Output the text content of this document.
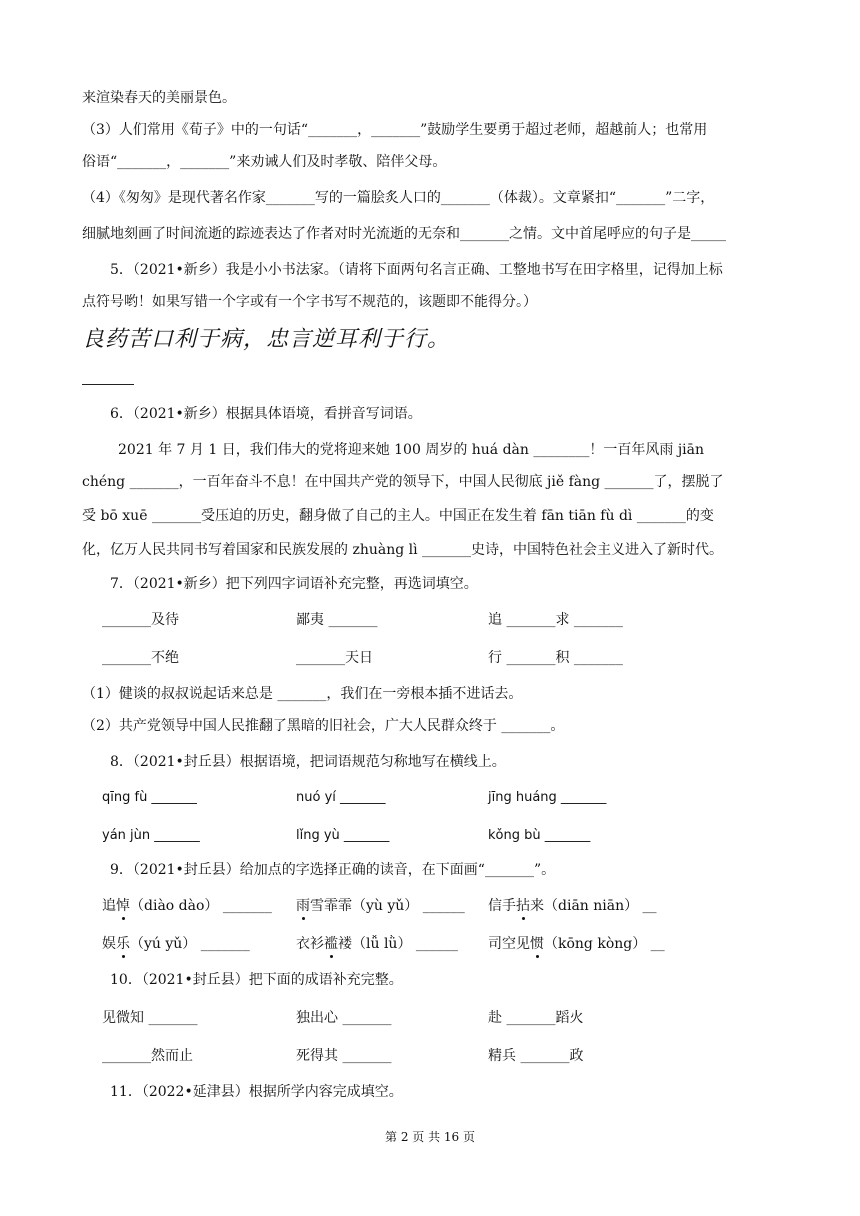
来渲染春天的美丽景色。
（3）人们常用《荀子》中的一句话“_______，_______”鼓励学生要勇于超过老师，超越前人；也常用
俗语“_______，_______”来劝诫人们及时孝敬、陪伴父母。
（4）《匆匆》是现代著名作家_______写的一篇脍炙人口的_______（体裁）。文章紧扣“_______”二字，
细腻地刻画了时间流逝的踪迹表达了作者对时光流逝的无奈和_______之情。文中首尾呼应的句子是_____
5．（2021•新乡）我是小小书法家。（请将下面两句名言正确、工整地书写在田字格里，记得加上标
点符号哟！如果写错一个字或有一个字书写不规范的，该题即不能得分。）
良药苦口利于病，忠言逆耳利于行。
6．（2021•新乡）根据具体语境，看拼音写词语。
2021 年 7 月 1 日，我们伟大的党将迎来她 100 周岁的 huá dàn ________！一百年风雨 jiān
chéng _______，一百年奋斗不息！在中国共产党的领导下，中国人民彻底 jiě fàng _______了，摆脱了
受 bō xuē _______受压迫的历史，翻身做了自己的主人。中国正在发生着 fān tiān fù dì _______的变
化，亿万人民共同书写着国家和民族发展的 zhuàng lì _______史诗，中国特色社会主义进入了新时代。
7．（2021•新乡）把下列四字词语补充完整，再选词填空。
_______及待	鄙夷 _______	追 _______求 _______
_______不绝	_______天日	行 _______积 _______
（1）健谈的叔叔说起话来总是 _______，我们在一旁根本插不进话去。
（2）共产党领导中国人民推翻了黑暗的旧社会，广大人民群众终于 _______。
8．（2021•封丘县）根据语境，把词语规范匀称地写在横线上。
qīng fù _______	nuó yí _______	jīng huáng _______
yán jùn _______	lǐng yù _______	kǒng bù _______
9．（2021•封丘县）给加点的字选择正确的读音，在下面画“_______”。
追悼（diào dào） _______ 雨雪霏霏（yù yǔ） ______ 信手拈来（diān niān） __
娱乐（yú yǔ） _______	衣衫褴褛（lǚ lǜ） ______ 司空见惯（kōng kòng） __
10．（2021•封丘县）把下面的成语补充完整。
见微知 _______	独出心 _______	赴 _______蹈火
_______然而止	死得其 _______	精兵 _______政
11．（2022•延津县）根据所学内容完成填空。
第 2 页 共 16 页
